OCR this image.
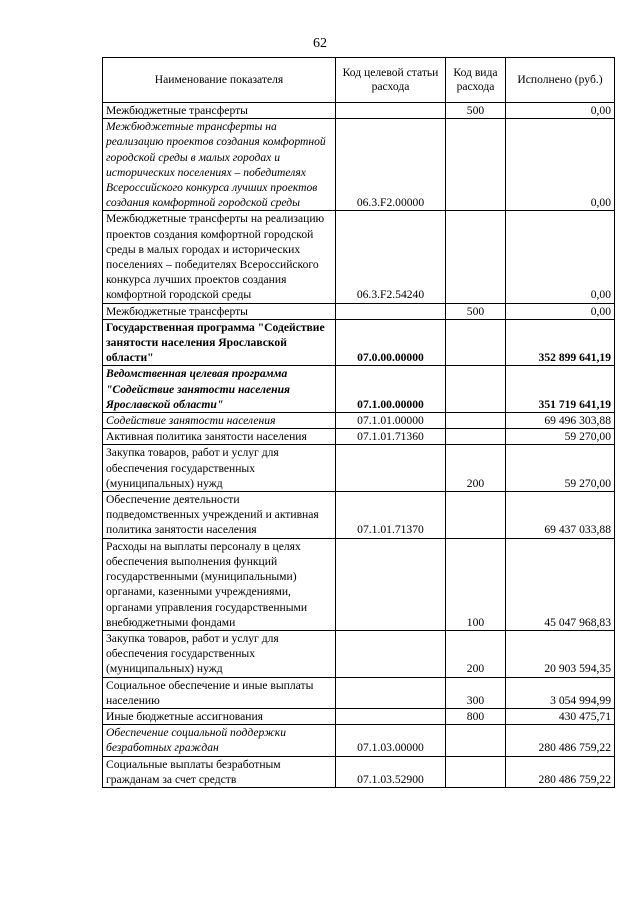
62
Наименование показателя	Код целевой статьи расхода	Код вида расхода	Исполнено (руб.)
Межбюджетные трансферты		500	0,00
Межбюджетные трансферты на реализацию проектов создания комфортной городской среды в малых городах и исторических поселениях – победителях Всероссийского конкурса лучших проектов создания комфортной городской среды	06.3.F2.00000		0,00
Межбюджетные трансферты на реализацию проектов создания комфортной городской среды в малых городах и исторических поселениях – победителях Всероссийского конкурса лучших проектов создания комфортной городской среды	06.3.F2.54240		0,00
Межбюджетные трансферты		500	0,00
Государственная программа "Содействие занятости населения Ярославской области"	07.0.00.00000		352 899 641,19
Ведомственная целевая программа "Содействие занятости населения Ярославской области"	07.1.00.00000		351 719 641,19
Содействие занятости населения	07.1.01.00000		69 496 303,88
Активная политика занятости населения	07.1.01.71360		59 270,00
Закупка товаров, работ и услуг для обеспечения государственных (муниципальных) нужд		200	59 270,00
Обеспечение деятельности подведомственных учреждений и активная политика занятости населения	07.1.01.71370		69 437 033,88
Расходы на выплаты персоналу в целях обеспечения выполнения функций государственными (муниципальными) органами, казенными учреждениями, органами управления государственными внебюджетными фондами		100	45 047 968,83
Закупка товаров, работ и услуг для обеспечения государственных (муниципальных) нужд		200	20 903 594,35
Социальное обеспечение и иные выплаты населению		300	3 054 994,99
Иные бюджетные ассигнования		800	430 475,71
Обеспечение социальной поддержки безработных граждан	07.1.03.00000		280 486 759,22
Социальные выплаты безработным гражданам за счет средств	07.1.03.52900		280 486 759,22
